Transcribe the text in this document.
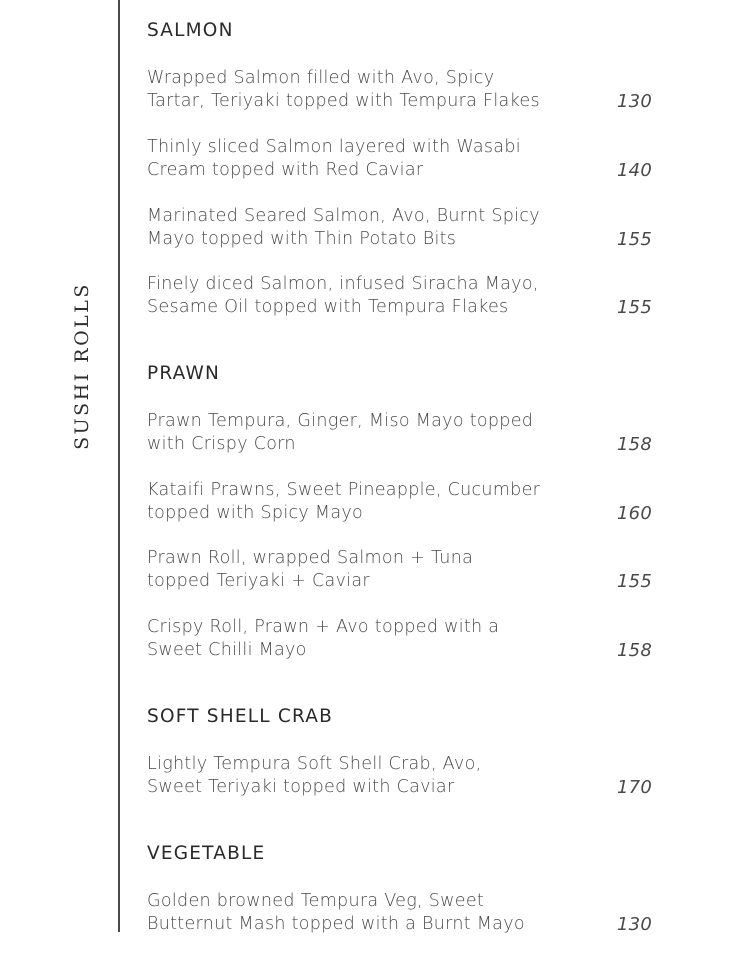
SUSHI ROLLS
SALMON
Wrapped Salmon filled with Avo, Spicy
Tartar, Teriyaki topped with Tempura Flakes	130
Thinly sliced Salmon layered with Wasabi
Cream topped with Red Caviar	140
Marinated Seared Salmon, Avo, Burnt Spicy
Mayo topped with Thin Potato Bits	155
Finely diced Salmon, infused Siracha Mayo,
Sesame Oil topped with Tempura Flakes	155
PRAWN
Prawn Tempura, Ginger, Miso Mayo topped
with Crispy Corn	158
Kataifi Prawns, Sweet Pineapple, Cucumber
topped with Spicy Mayo	160
Prawn Roll, wrapped Salmon + Tuna
topped Teriyaki + Caviar	155
Crispy Roll, Prawn + Avo topped with a
Sweet Chilli Mayo	158
SOFT SHELL CRAB
Lightly Tempura Soft Shell Crab, Avo,
Sweet Teriyaki topped with Caviar	170
VEGETABLE
Golden browned Tempura Veg, Sweet
Butternut Mash topped with a Burnt Mayo	130
